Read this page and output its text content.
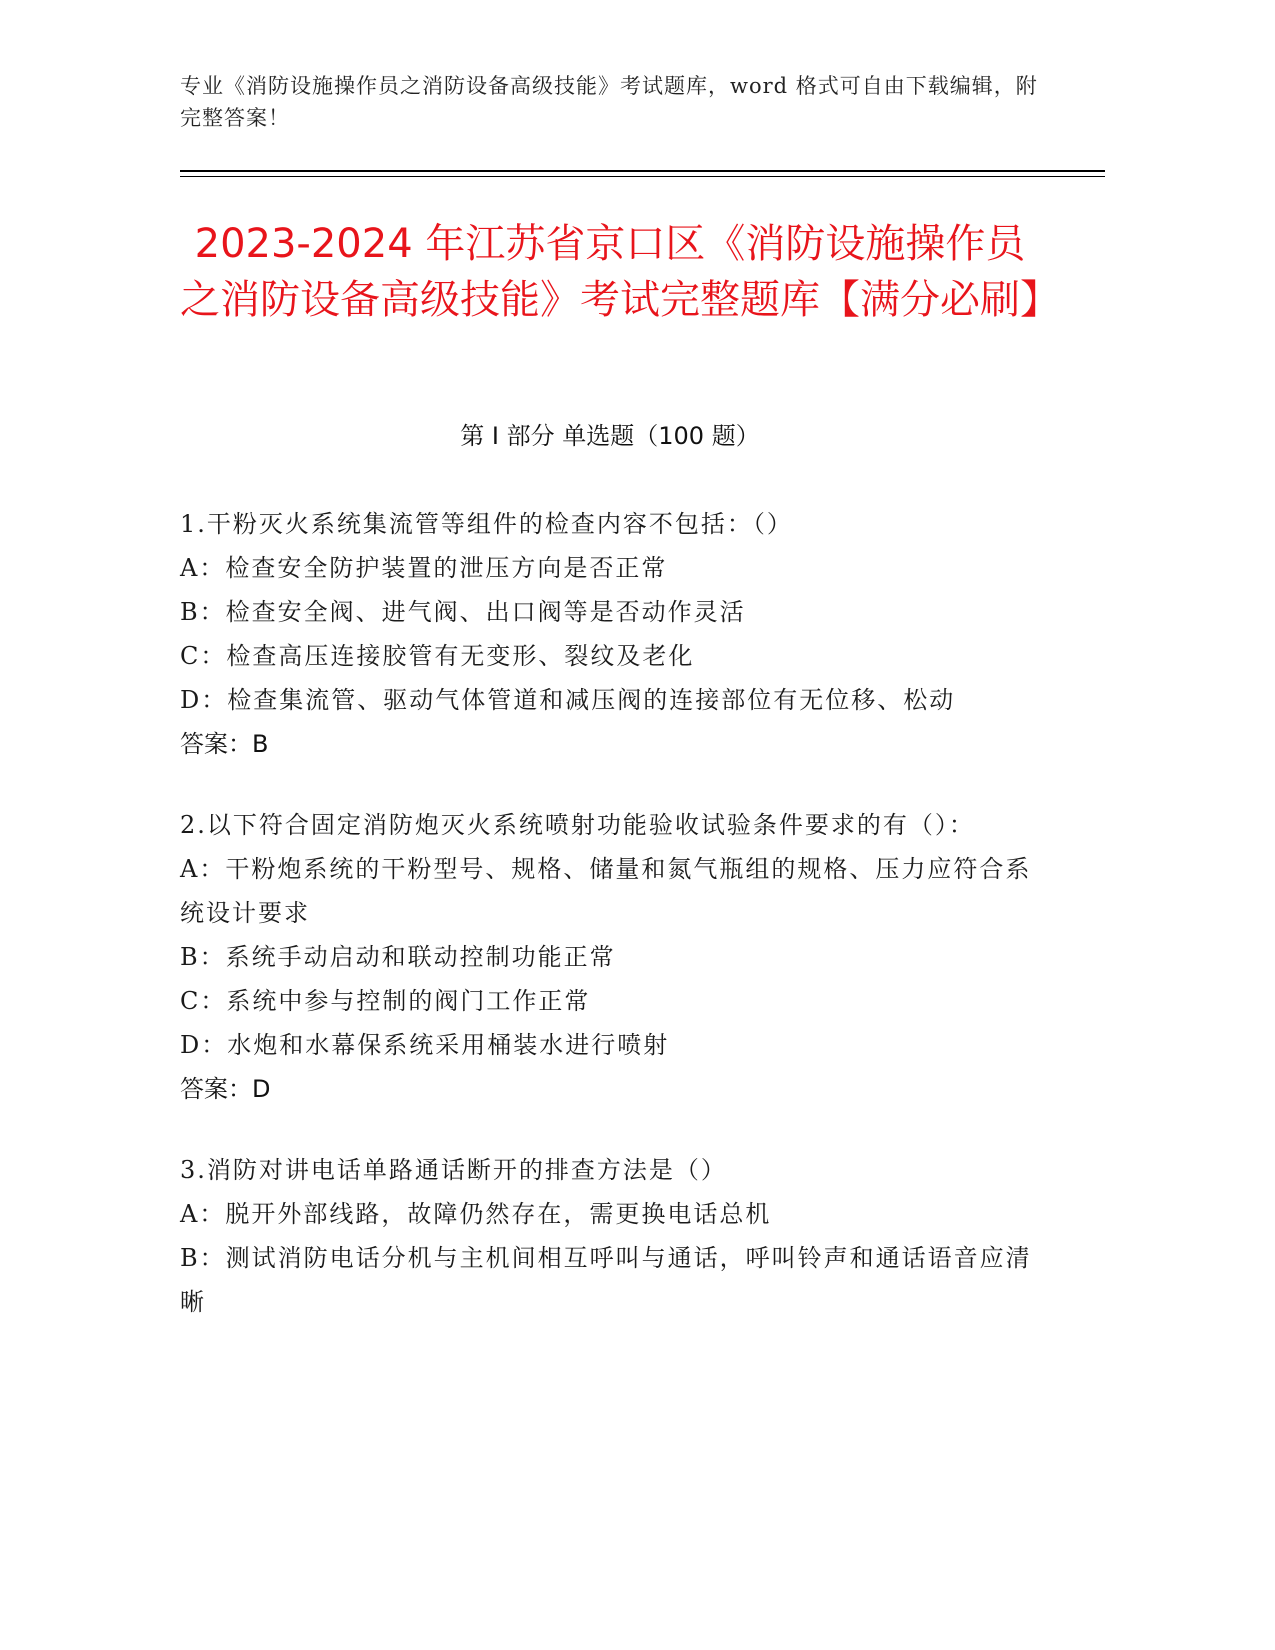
专业《消防设施操作员之消防设备高级技能》考试题库，word 格式可自由下载编辑，附完整答案！
2023-2024 年江苏省京口区《消防设施操作员之消防设备高级技能》考试完整题库【满分必刷】
第 I 部分 单选题（100 题）
1.干粉灭火系统集流管等组件的检查内容不包括：（）
A：检查安全防护装置的泄压方向是否正常
B：检查安全阀、进气阀、出口阀等是否动作灵活
C：检查高压连接胶管有无变形、裂纹及老化
D：检查集流管、驱动气体管道和减压阀的连接部位有无位移、松动
答案：B
2.以下符合固定消防炮灭火系统喷射功能验收试验条件要求的有（）：
A：干粉炮系统的干粉型号、规格、储量和氮气瓶组的规格、压力应符合系统设计要求
B：系统手动启动和联动控制功能正常
C：系统中参与控制的阀门工作正常
D：水炮和水幕保系统采用桶装水进行喷射
答案：D
3.消防对讲电话单路通话断开的排查方法是（）
A：脱开外部线路，故障仍然存在，需更换电话总机
B：测试消防电话分机与主机间相互呼叫与通话，呼叫铃声和通话语音应清晰
